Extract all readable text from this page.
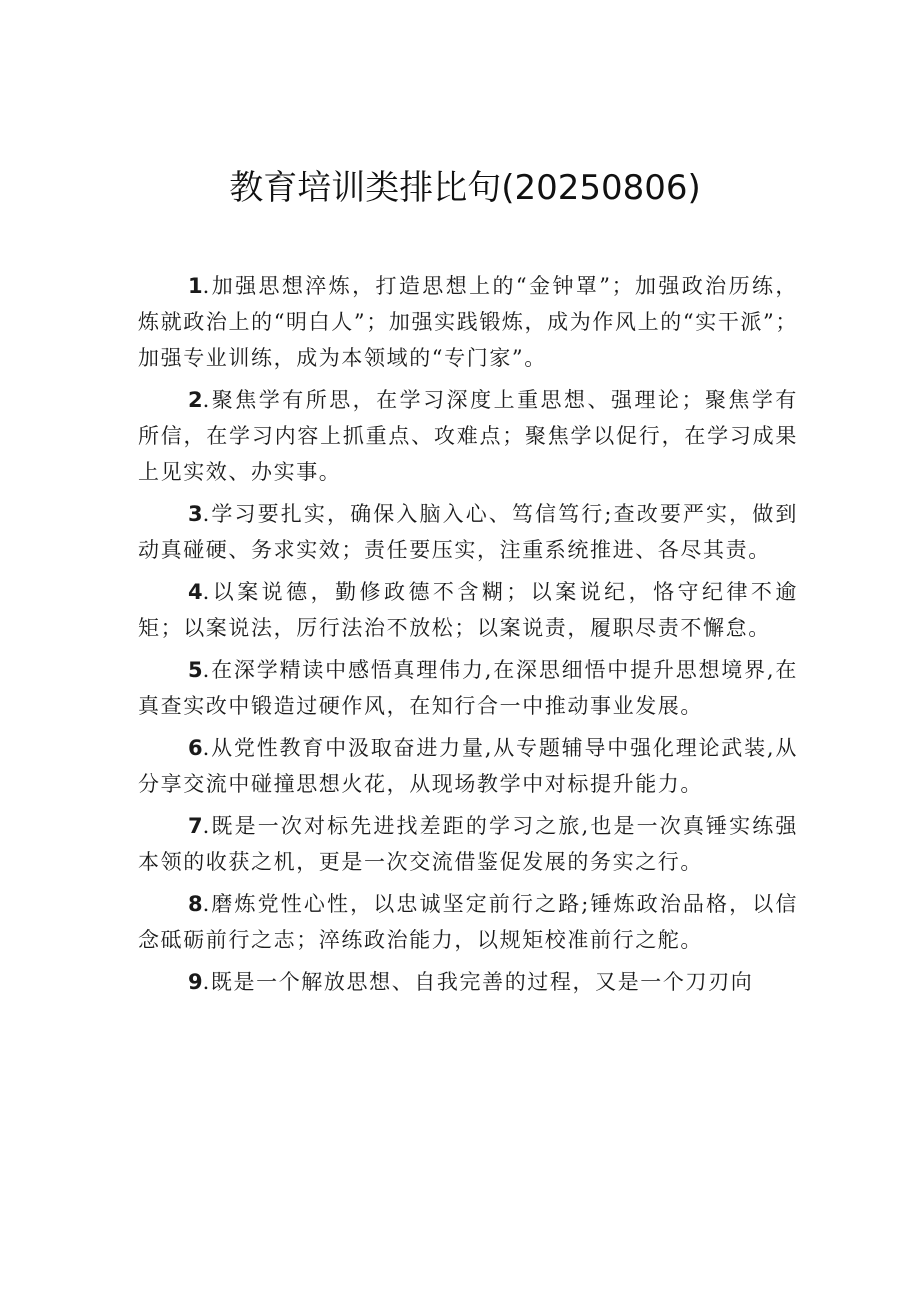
教育培训类排比句(20250806)

1.加强思想淬炼，打造思想上的“金钟罩”；加强政治历练，炼就政治上的“明白人”；加强实践锻炼，成为作风上的“实干派”；加强专业训练，成为本领域的“专门家”。

2.聚焦学有所思，在学习深度上重思想、强理论；聚焦学有所信，在学习内容上抓重点、攻难点；聚焦学以促行，在学习成果上见实效、办实事。

3.学习要扎实，确保入脑入心、笃信笃行;查改要严实，做到动真碰硬、务求实效；责任要压实，注重系统推进、各尽其责。

4.以案说德，勤修政德不含糊；以案说纪，恪守纪律不逾矩；以案说法，厉行法治不放松；以案说责，履职尽责不懈怠。

5.在深学精读中感悟真理伟力,在深思细悟中提升思想境界,在真查实改中锻造过硬作风，在知行合一中推动事业发展。

6.从党性教育中汲取奋进力量,从专题辅导中强化理论武装,从分享交流中碰撞思想火花，从现场教学中对标提升能力。

7.既是一次对标先进找差距的学习之旅,也是一次真锤实练强本领的收获之机，更是一次交流借鉴促发展的务实之行。

8.磨炼党性心性，以忠诚坚定前行之路;锤炼政治品格，以信念砥砺前行之志；淬练政治能力，以规矩校准前行之舵。

9.既是一个解放思想、自我完善的过程，又是一个刀刃向
